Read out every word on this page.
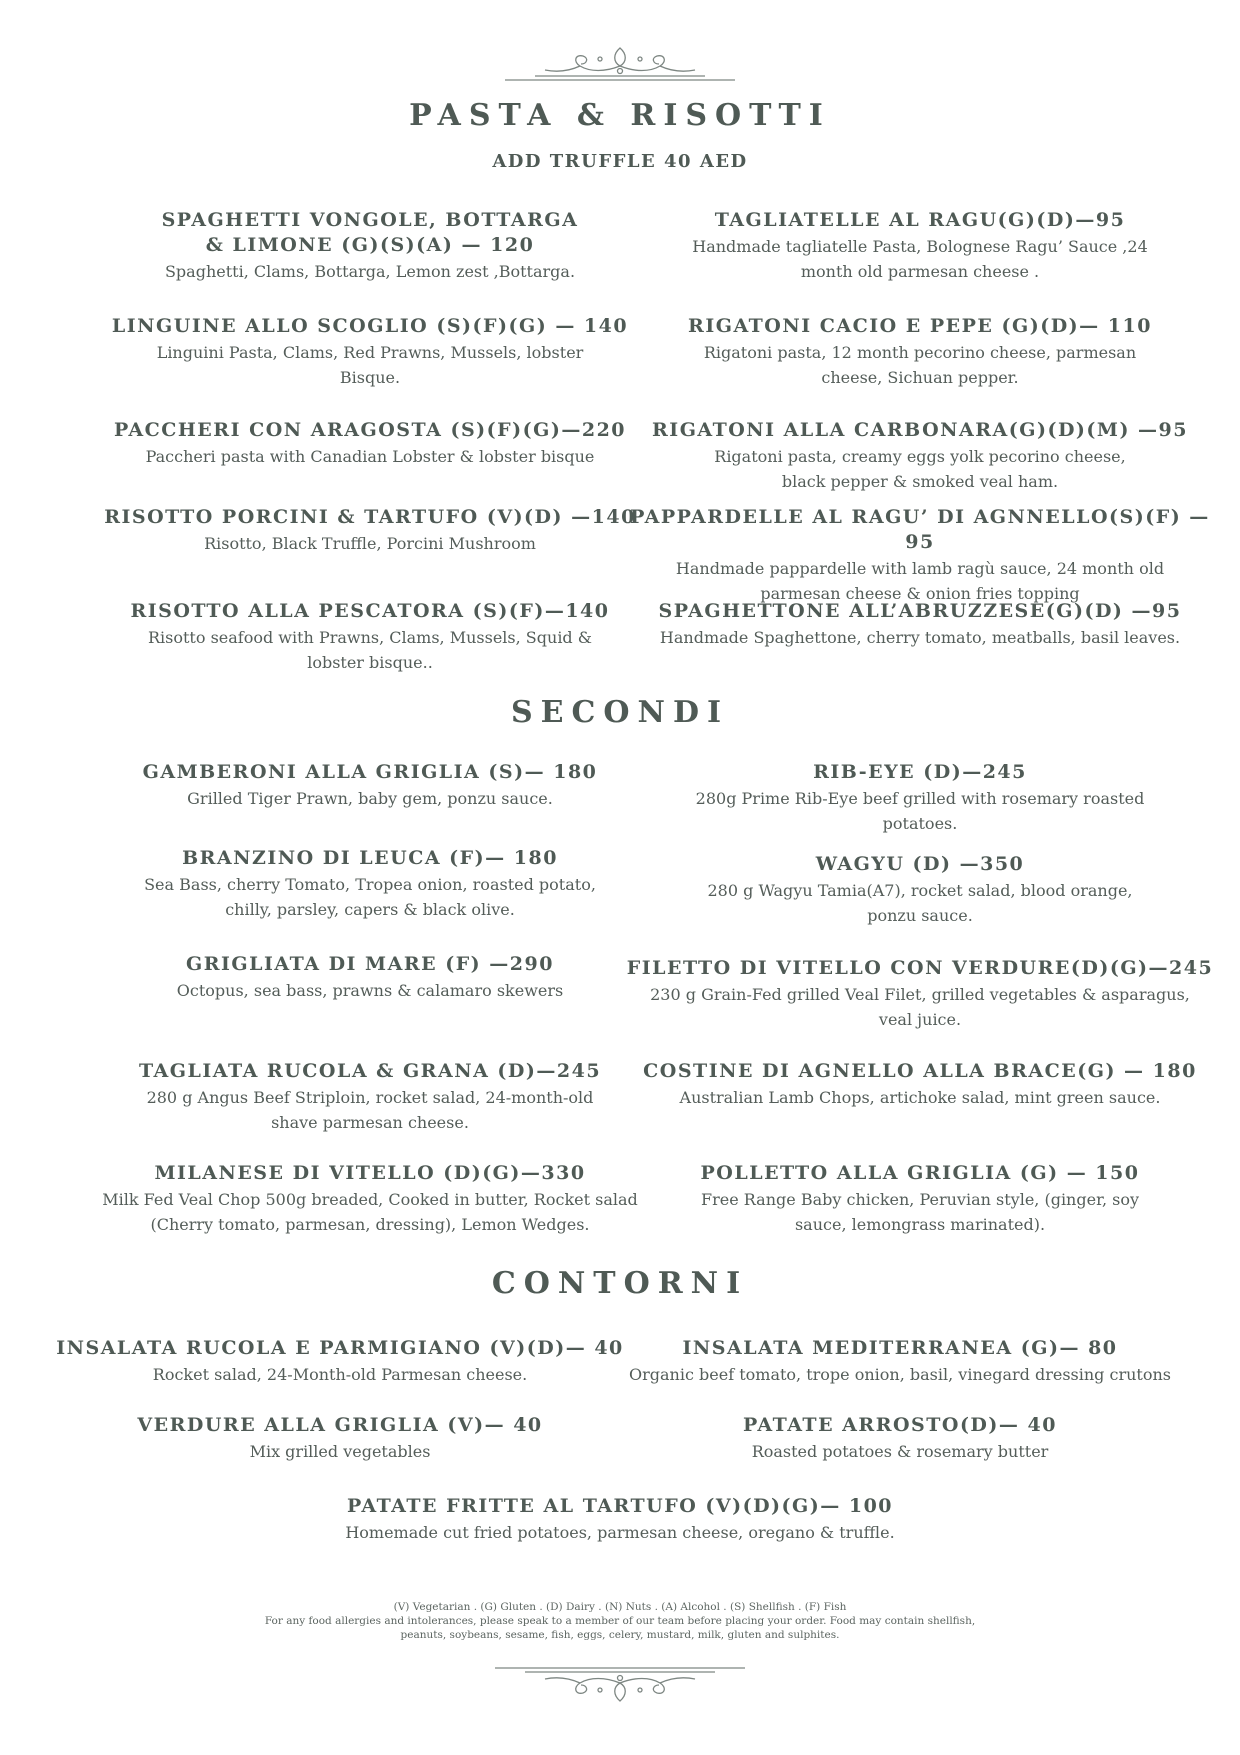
PASTA & RISOTTI
ADD TRUFFLE 40 AED
SPAGHETTI VONGOLE, BOTTARGA
& LIMONE (G)(S)(A) — 120
Spaghetti, Clams, Bottarga, Lemon zest ,Bottarga.
LINGUINE ALLO SCOGLIO (S)(F)(G) — 140
Linguini Pasta, Clams, Red Prawns, Mussels, lobster
Bisque.
PACCHERI CON ARAGOSTA (S)(F)(G)—220
Paccheri pasta with Canadian Lobster & lobster bisque
RISOTTO PORCINI & TARTUFO (V)(D) —140
Risotto, Black Truffle, Porcini Mushroom
RISOTTO ALLA PESCATORA (S)(F)—140
Risotto seafood with Prawns, Clams, Mussels, Squid &
lobster bisque..
TAGLIATELLE AL RAGU(G)(D)—95
Handmade tagliatelle Pasta, Bolognese Ragu’ Sauce ,24
month old parmesan cheese .
RIGATONI CACIO E PEPE (G)(D)— 110
Rigatoni pasta, 12 month pecorino cheese, parmesan
cheese, Sichuan pepper.
RIGATONI ALLA CARBONARA(G)(D)(M) —95
Rigatoni pasta, creamy eggs yolk pecorino cheese,
black pepper & smoked veal ham.
PAPPARDELLE AL RAGU’ DI AGNNELLO(S)(F) —95
Handmade pappardelle with lamb ragù sauce, 24 month old
parmesan cheese & onion fries topping
SPAGHETTONE ALL’ABRUZZESE(G)(D) —95
Handmade Spaghettone, cherry tomato, meatballs, basil leaves.
SECONDI
GAMBERONI ALLA GRIGLIA (S)— 180
Grilled Tiger Prawn, baby gem, ponzu sauce.
BRANZINO DI LEUCA (F)— 180
Sea Bass, cherry Tomato, Tropea onion, roasted potato,
chilly, parsley, capers & black olive.
GRIGLIATA DI MARE (F) —290
Octopus, sea bass, prawns & calamaro skewers
TAGLIATA RUCOLA & GRANA (D)—245
280 g Angus Beef Striploin, rocket salad, 24-month-old
shave parmesan cheese.
MILANESE DI VITELLO (D)(G)—330
Milk Fed Veal Chop 500g breaded, Cooked in butter, Rocket salad
(Cherry tomato, parmesan, dressing), Lemon Wedges.
RIB-EYE (D)—245
280g Prime Rib-Eye beef grilled with rosemary roasted
potatoes.
WAGYU (D) —350
280 g Wagyu Tamia(A7), rocket salad, blood orange,
ponzu sauce.
FILETTO DI VITELLO CON VERDURE(D)(G)—245
230 g Grain-Fed grilled Veal Filet, grilled vegetables & asparagus,
veal juice.
COSTINE DI AGNELLO ALLA BRACE(G) — 180
Australian Lamb Chops, artichoke salad, mint green sauce.
POLLETTO ALLA GRIGLIA (G) — 150
Free Range Baby chicken, Peruvian style, (ginger, soy
sauce, lemongrass marinated).
CONTORNI
INSALATA RUCOLA E PARMIGIANO (V)(D)— 40
Rocket salad, 24-Month-old Parmesan cheese.
VERDURE ALLA GRIGLIA (V)— 40
Mix grilled vegetables
INSALATA MEDITERRANEA (G)— 80
Organic beef tomato, trope onion, basil, vinegard dressing crutons
PATATE ARROSTO(D)— 40
Roasted potatoes & rosemary butter
PATATE FRITTE AL TARTUFO (V)(D)(G)— 100
Homemade cut fried potatoes, parmesan cheese, oregano & truffle.
(V) Vegetarian . (G) Gluten . (D) Dairy . (N) Nuts . (A) Alcohol . (S) Shellfish . (F) Fish
For any food allergies and intolerances, please speak to a member of our team before placing your order. Food may contain shellfish,
peanuts, soybeans, sesame, fish, eggs, celery, mustard, milk, gluten and sulphites.
